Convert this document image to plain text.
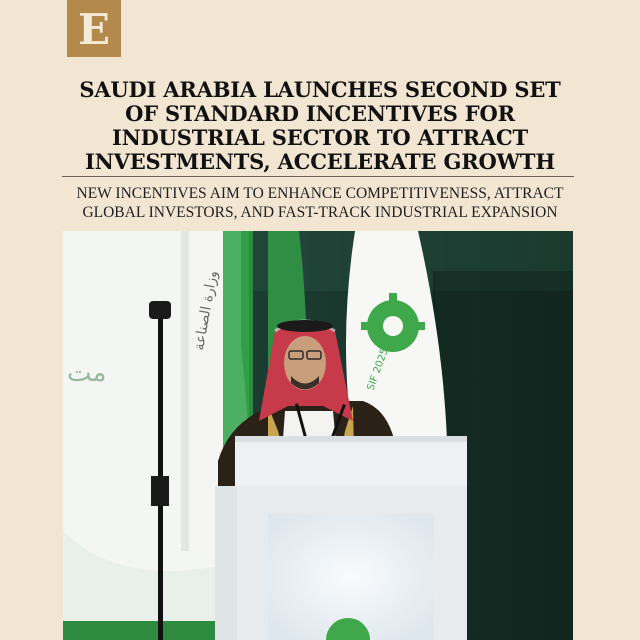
E
SAUDI ARABIA LAUNCHES SECOND SET OF STANDARD INCENTIVES FOR INDUSTRIAL SECTOR TO ATTRACT INVESTMENTS, ACCELERATE GROWTH

NEW INCENTIVES AIM TO ENHANCE COMPETITIVENESS, ATTRACT GLOBAL INVESTORS, AND FAST-TRACK INDUSTRIAL EXPANSION

مت
وزارة الصناعة
SIF 2025
